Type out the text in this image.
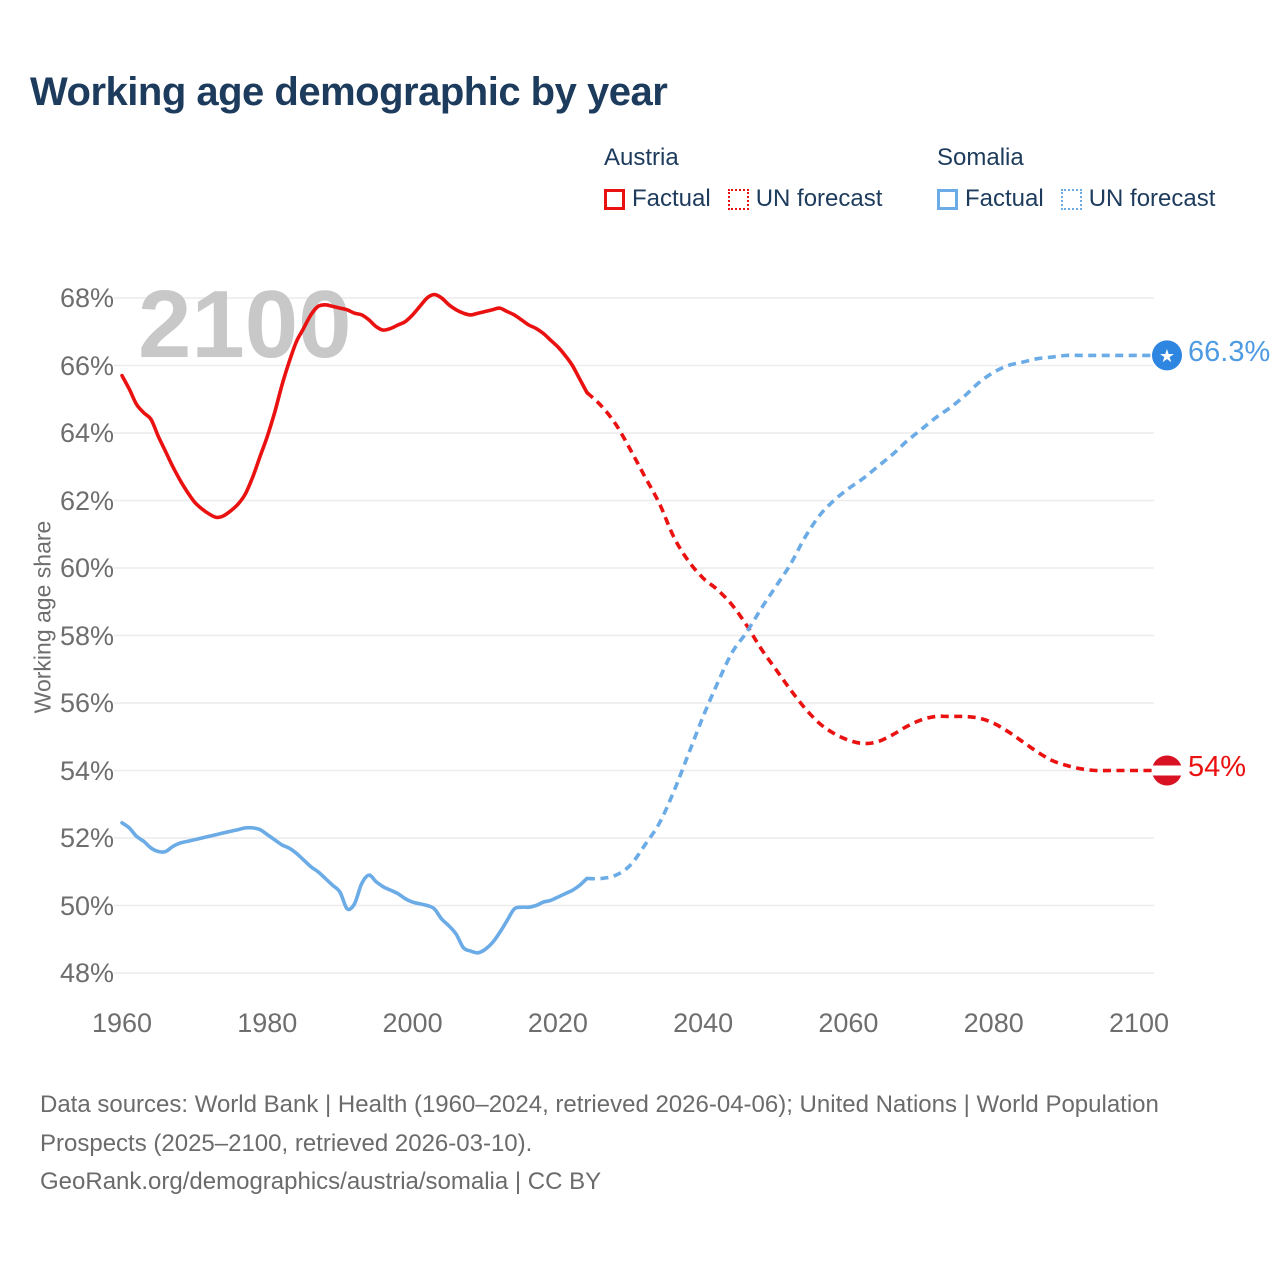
Working age demographic by year
Austria
Factual UN forecast
Somalia
Factual UN forecast
Working age share
2100	★
48%
50%
52%
54%
56%
58%
60%
62%
64%
66%
68%
1960	1980	2000	2020	2040	2060	2080	2100
66.3%
54%

Data sources: World Bank | Health (1960–2024, retrieved 2026-04-06); United Nations | World Population Prospects (2025–2100, retrieved 2026-03-10).

GeoRank.org/demographics/austria/somalia | CC BY
